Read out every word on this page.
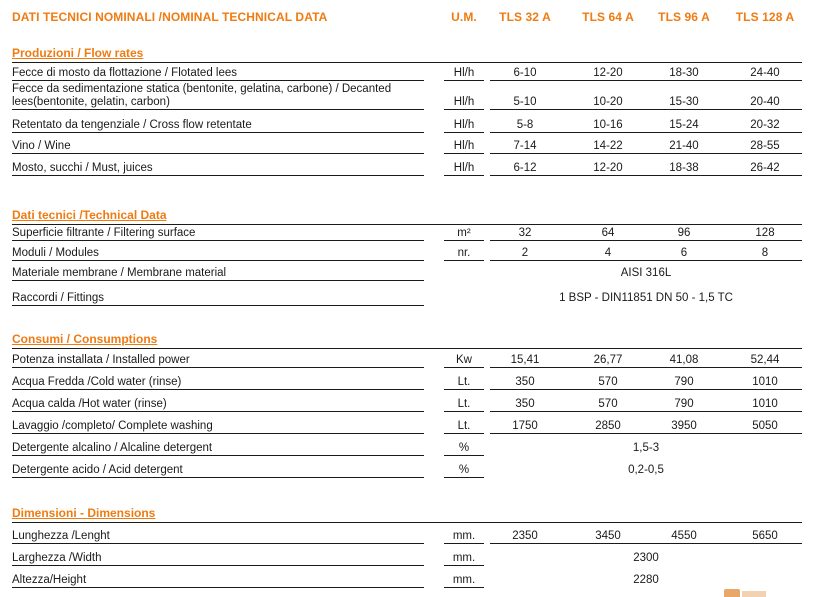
DATI TECNICI NOMINALI /NOMINAL TECHNICAL DATA	U.M.	TLS 32 A	TLS 64 A	TLS 96 A	TLS 128 A
Produzioni / Flow rates
Fecce di mosto da flottazione / Flotated lees	Hl/h	6-10	12-20	18-30	24-40
Fecce da sedimentazione statica (bentonite, gelatina, carbone) / Decanted lees(bentonite, gelatin, carbon)	Hl/h	5-10	10-20	15-30	20-40
Retentato da tengenziale / Cross flow retentate	Hl/h	5-8	10-16	15-24	20-32
Vino / Wine	Hl/h	7-14	14-22	21-40	28-55
Mosto, succhi / Must, juices	Hl/h	6-12	12-20	18-38	26-42
Dati tecnici /Technical Data
Superficie filtrante / Filtering surface	m²	32	64	96	128
Moduli / Modules	nr.	2	4	6	8
Materiale membrane / Membrane material	AISI 316L
Raccordi / Fittings	1 BSP - DIN11851 DN 50 - 1,5 TC
Consumi / Consumptions
Potenza installata / Installed power	Kw	15,41	26,77	41,08	52,44
Acqua Fredda /Cold water (rinse)	Lt.	350	570	790	1010
Acqua calda /Hot water (rinse)	Lt.	350	570	790	1010
Lavaggio /completo/ Complete washing	Lt.	1750	2850	3950	5050
Detergente alcalino / Alcaline detergent	%	1,5-3
Detergente acido / Acid detergent	%	0,2-0,5
Dimensioni - Dimensions
Lunghezza /Lenght	mm.	2350	3450	4550	5650
Larghezza /Width	mm.	2300
Altezza/Height	mm.	2280
